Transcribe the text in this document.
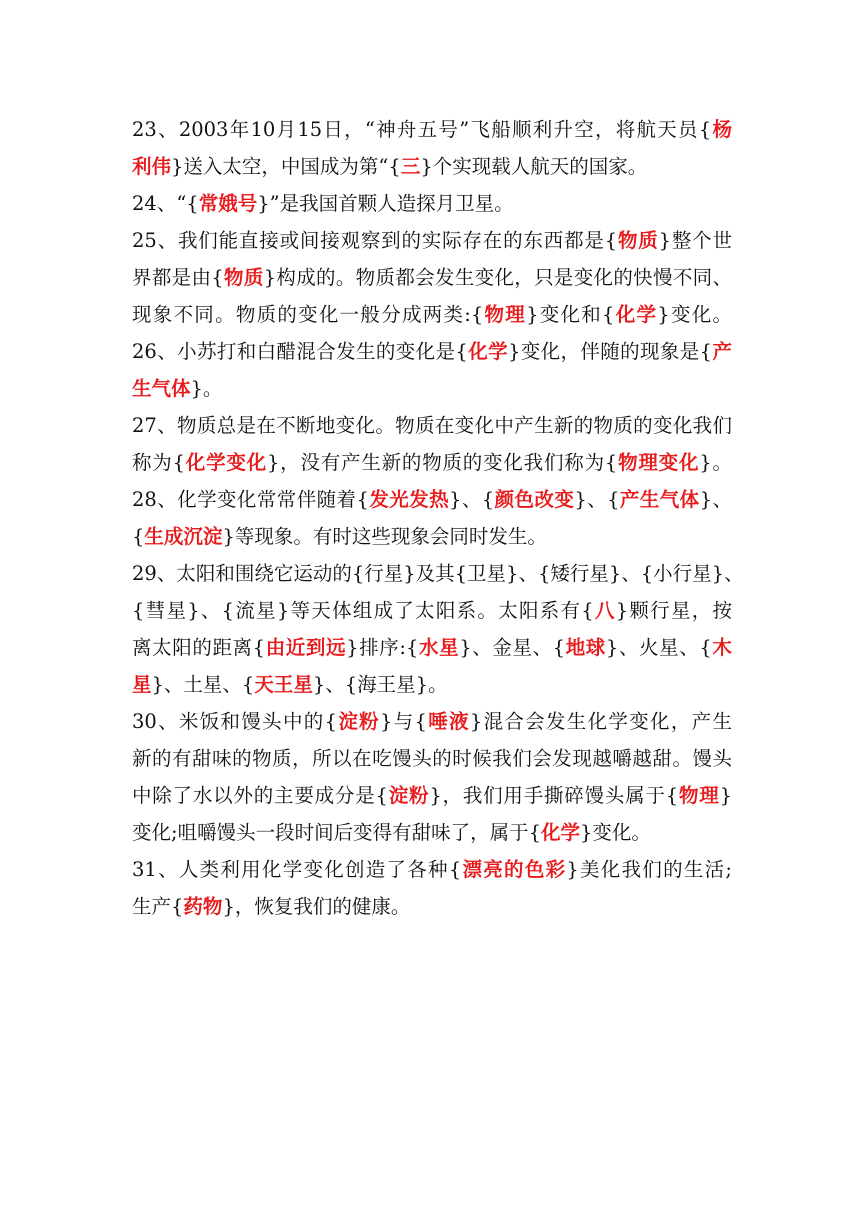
23、2003年10月15日，“神舟五号”飞船顺利升空，将航天员{杨
利伟}送入太空，中国成为第“{三}个实现载人航天的国家。
24、“{常娥号}”是我国首颗人造探月卫星。
25、我们能直接或间接观察到的实际存在的东西都是{物质}整个世
界都是由{物质}构成的。物质都会发生变化，只是变化的快慢不同、
现象不同。物质的变化一般分成两类:{物理}变化和{化学}变化。
26、小苏打和白醋混合发生的变化是{化学}变化，伴随的现象是{产
生气体}。
27、物质总是在不断地变化。物质在变化中产生新的物质的变化我们
称为{化学变化}，没有产生新的物质的变化我们称为{物理变化}。
28、化学变化常常伴随着{发光发热}、{颜色改变}、{产生气体}、
{生成沉淀}等现象。有时这些现象会同时发生。
29、太阳和围绕它运动的{行星}及其{卫星}、{矮行星}、{小行星}、
{彗星}、{流星}等天体组成了太阳系。太阳系有{八}颗行星，按
离太阳的距离{由近到远}排序:{水星}、金星、{地球}、火星、{木
星}、土星、{天王星}、{海王星}。
30、米饭和馒头中的{淀粉}与{唾液}混合会发生化学变化，产生
新的有甜味的物质，所以在吃馒头的时候我们会发现越嚼越甜。馒头
中除了水以外的主要成分是{淀粉}，我们用手撕碎馒头属于{物理}
变化;咀嚼馒头一段时间后变得有甜味了，属于{化学}变化。
31、人类利用化学变化创造了各种{漂亮的色彩}美化我们的生活;
生产{药物}，恢复我们的健康。
